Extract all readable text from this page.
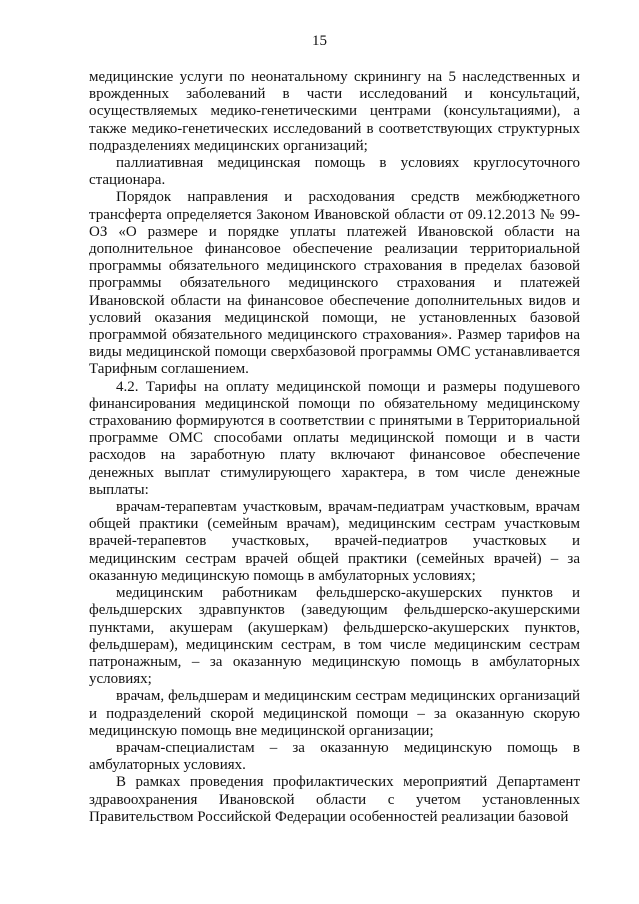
15

медицинские услуги по неонатальному скринингу на 5 наследственных и врожденных заболеваний в части исследований и консультаций, осуществляемых медико-генетическими центрами (консультациями), а также медико-генетических исследований в соответствующих структурных подразделениях медицинских организаций;

паллиативная медицинская помощь в условиях круглосуточного стационара.

Порядок направления и расходования средств межбюджетного трансферта определяется Законом Ивановской области от 09.12.2013 № 99-ОЗ «О размере и порядке уплаты платежей Ивановской области на дополнительное финансовое обеспечение реализации территориальной программы обязательного медицинского страхования в пределах базовой программы обязательного медицинского страхования и платежей Ивановской области на финансовое обеспечение дополнительных видов и условий оказания медицинской помощи, не установленных базовой программой обязательного медицинского страхования». Размер тарифов на виды медицинской помощи сверхбазовой программы ОМС устанавливается Тарифным соглашением.

4.2. Тарифы на оплату медицинской помощи и размеры подушевого финансирования медицинской помощи по обязательному медицинскому страхованию формируются в соответствии с принятыми в Территориальной программе ОМС способами оплаты медицинской помощи и в части расходов на заработную плату включают финансовое обеспечение денежных выплат стимулирующего характера, в том числе денежные выплаты:

врачам-терапевтам участковым, врачам-педиатрам участковым, врачам общей практики (семейным врачам), медицинским сестрам участковым врачей-терапевтов участковых, врачей-педиатров участковых и медицинским сестрам врачей общей практики (семейных врачей) – за оказанную медицинскую помощь в амбулаторных условиях;

медицинским работникам фельдшерско-акушерских пунктов и фельдшерских здравпунктов (заведующим фельдшерско-акушерскими пунктами, акушерам (акушеркам) фельдшерско-акушерских пунктов, фельдшерам), медицинским сестрам, в том числе медицинским сестрам патронажным, – за оказанную медицинскую помощь в амбулаторных условиях;

врачам, фельдшерам и медицинским сестрам медицинских организаций и подразделений скорой медицинской помощи – за оказанную скорую медицинскую помощь вне медицинской организации;

врачам-специалистам – за оказанную медицинскую помощь в амбулаторных условиях.

В рамках проведения профилактических мероприятий Департамент здравоохранения Ивановской области с учетом установленных Правительством Российской Федерации особенностей реализации базовой
